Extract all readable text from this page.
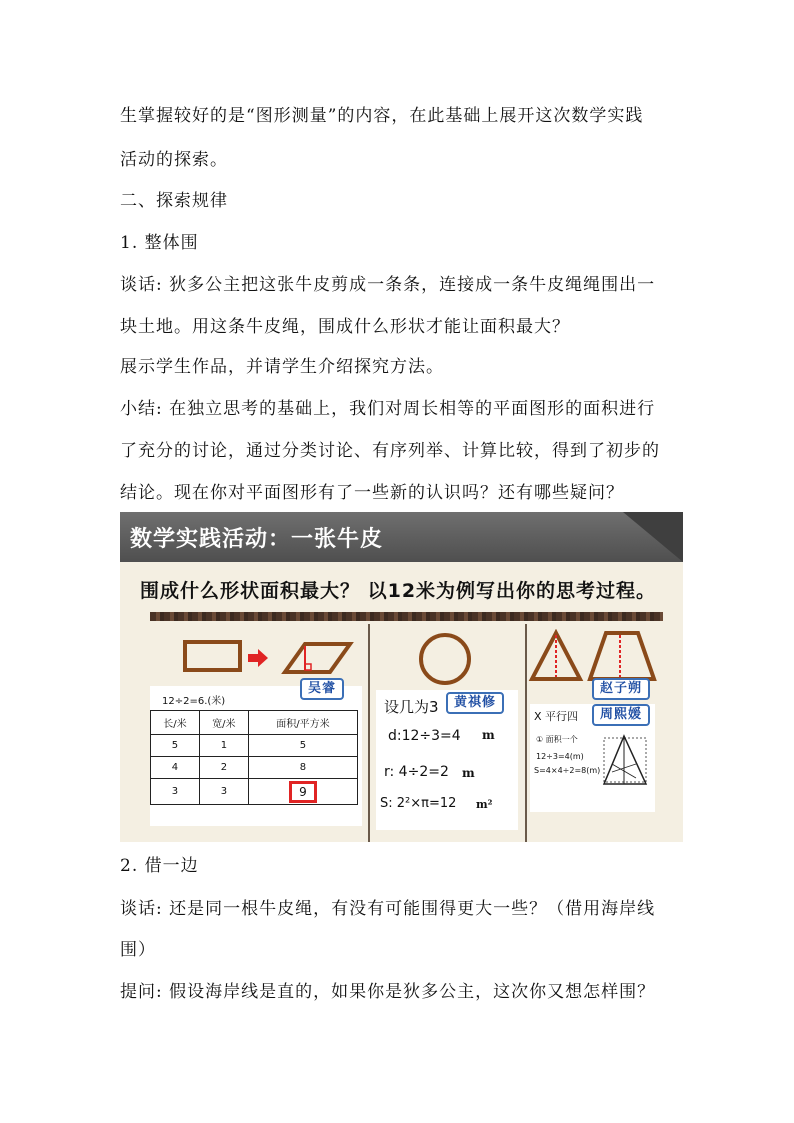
生掌握较好的是“图形测量”的内容，在此基础上展开这次数学实践
活动的探索。
二、探索规律
1. 整体围
谈话: 狄多公主把这张牛皮剪成一条条，连接成一条牛皮绳绳围出一
块土地。用这条牛皮绳，围成什么形状才能让面积最大？
展示学生作品，并请学生介绍探究方法。
小结: 在独立思考的基础上，我们对周长相等的平面图形的面积进行
了充分的讨论，通过分类讨论、有序列举、计算比较，得到了初步的
结论。现在你对平面图形有了一些新的认识吗？还有哪些疑问？
数学实践活动：一张牛皮
围成什么形状面积最大？ 以12米为例写出你的思考过程。
12÷2=6.(米)
长/米	宽/米	面积/平方米
5	1	5
4	2	8
3	3	9
吴睿
设几为3
d:12÷3=4 m
r: 4÷2=2 m
S: 2²×π=12 m²
黄祺修
X 平行四
① 面积一个
12÷3=4(m)
S=4×4÷2=8(m)
赵子朔
周熙媛
2. 借一边
谈话: 还是同一根牛皮绳，有没有可能围得更大一些？（借用海岸线
围）
提问: 假设海岸线是直的，如果你是狄多公主，这次你又想怎样围？
